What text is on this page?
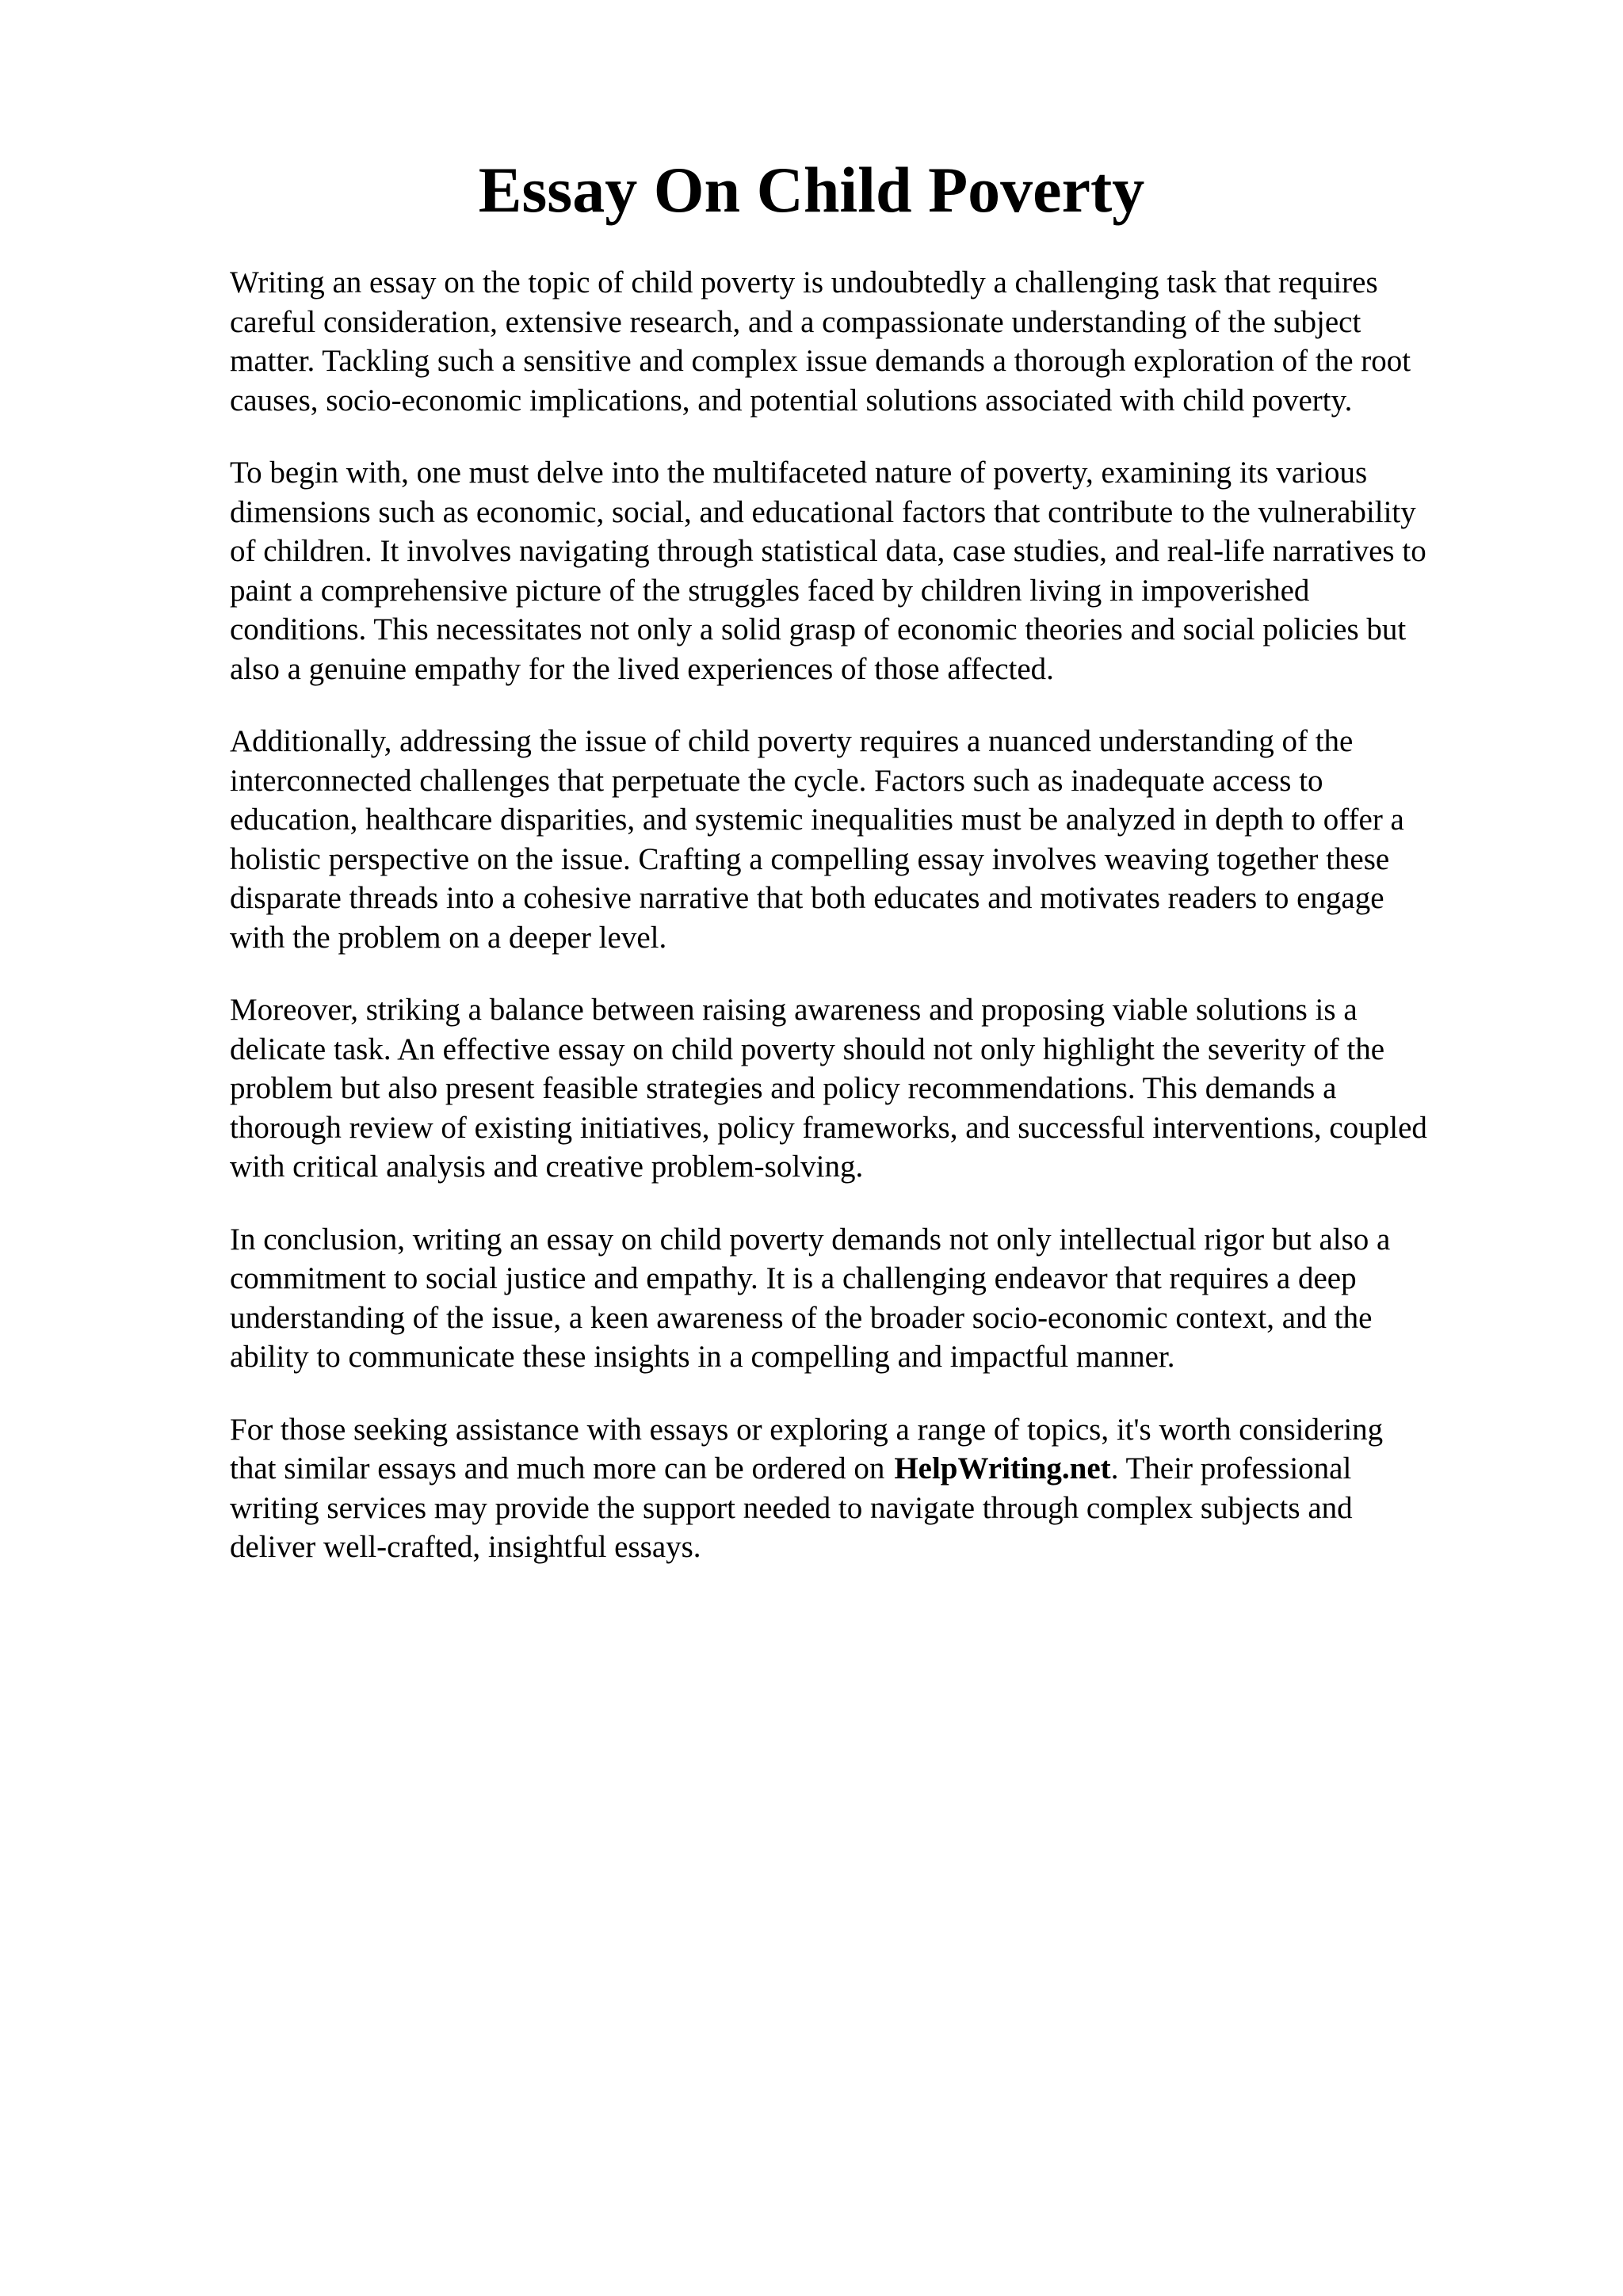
Essay On Child Poverty

Writing an essay on the topic of child poverty is undoubtedly a challenging task that requires
careful consideration, extensive research, and a compassionate understanding of the subject
matter. Tackling such a sensitive and complex issue demands a thorough exploration of the root
causes, socio-economic implications, and potential solutions associated with child poverty.

To begin with, one must delve into the multifaceted nature of poverty, examining its various
dimensions such as economic, social, and educational factors that contribute to the vulnerability
of children. It involves navigating through statistical data, case studies, and real-life narratives to
paint a comprehensive picture of the struggles faced by children living in impoverished
conditions. This necessitates not only a solid grasp of economic theories and social policies but
also a genuine empathy for the lived experiences of those affected.

Additionally, addressing the issue of child poverty requires a nuanced understanding of the
interconnected challenges that perpetuate the cycle. Factors such as inadequate access to
education, healthcare disparities, and systemic inequalities must be analyzed in depth to offer a
holistic perspective on the issue. Crafting a compelling essay involves weaving together these
disparate threads into a cohesive narrative that both educates and motivates readers to engage
with the problem on a deeper level.

Moreover, striking a balance between raising awareness and proposing viable solutions is a
delicate task. An effective essay on child poverty should not only highlight the severity of the
problem but also present feasible strategies and policy recommendations. This demands a
thorough review of existing initiatives, policy frameworks, and successful interventions, coupled
with critical analysis and creative problem-solving.

In conclusion, writing an essay on child poverty demands not only intellectual rigor but also a
commitment to social justice and empathy. It is a challenging endeavor that requires a deep
understanding of the issue, a keen awareness of the broader socio-economic context, and the
ability to communicate these insights in a compelling and impactful manner.

For those seeking assistance with essays or exploring a range of topics, it's worth considering
that similar essays and much more can be ordered on HelpWriting.net. Their professional
writing services may provide the support needed to navigate through complex subjects and
deliver well-crafted, insightful essays.
